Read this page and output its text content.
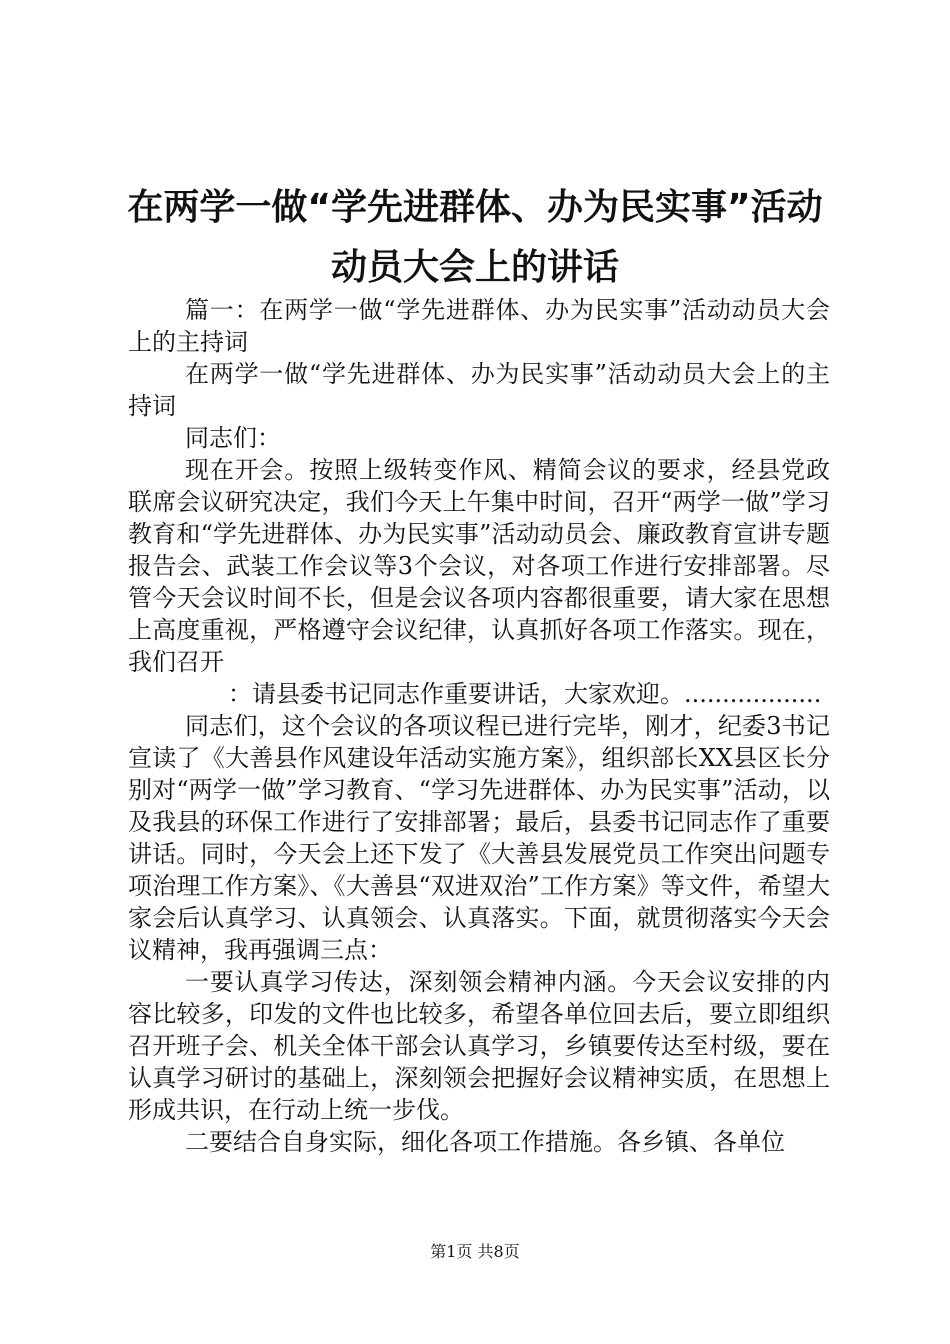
在两学一做“学先进群体、办为民实事”活动
动员大会上的讲话

篇一：在两学一做“学先进群体、办为民实事”活动动员大会上的主持词

在两学一做“学先进群体、办为民实事”活动动员大会上的主持词

同志们：

现在开会。按照上级转变作风、精简会议的要求，经县党政联席会议研究决定，我们今天上午集中时间，召开“两学一做”学习教育和“学先进群体、办为民实事”活动动员会、廉政教育宣讲专题报告会、武装工作会议等3个会议，对各项工作进行安排部署。尽管今天会议时间不长，但是会议各项内容都很重要，请大家在思想上高度重视，严格遵守会议纪律，认真抓好各项工作落实。现在，我们召开

：请县委书记同志作重要讲话，大家欢迎。..................

同志们，这个会议的各项议程已进行完毕，刚才，纪委3书记宣读了《大善县作风建设年活动实施方案》，组织部长XX县区长分别对“两学一做”学习教育、“学习先进群体、办为民实事”活动，以及我县的环保工作进行了安排部署；最后，县委书记同志作了重要讲话。同时，今天会上还下发了《大善县发展党员工作突出问题专项治理工作方案》、《大善县“双进双治”工作方案》等文件，希望大家会后认真学习、认真领会、认真落实。下面，就贯彻落实今天会议精神，我再强调三点：

一要认真学习传达，深刻领会精神内涵。今天会议安排的内容比较多，印发的文件也比较多，希望各单位回去后，要立即组织召开班子会、机关全体干部会认真学习，乡镇要传达至村级，要在认真学习研讨的基础上，深刻领会把握好会议精神实质，在思想上形成共识，在行动上统一步伐。

二要结合自身实际，细化各项工作措施。各乡镇、各单位

第1页 共8页
